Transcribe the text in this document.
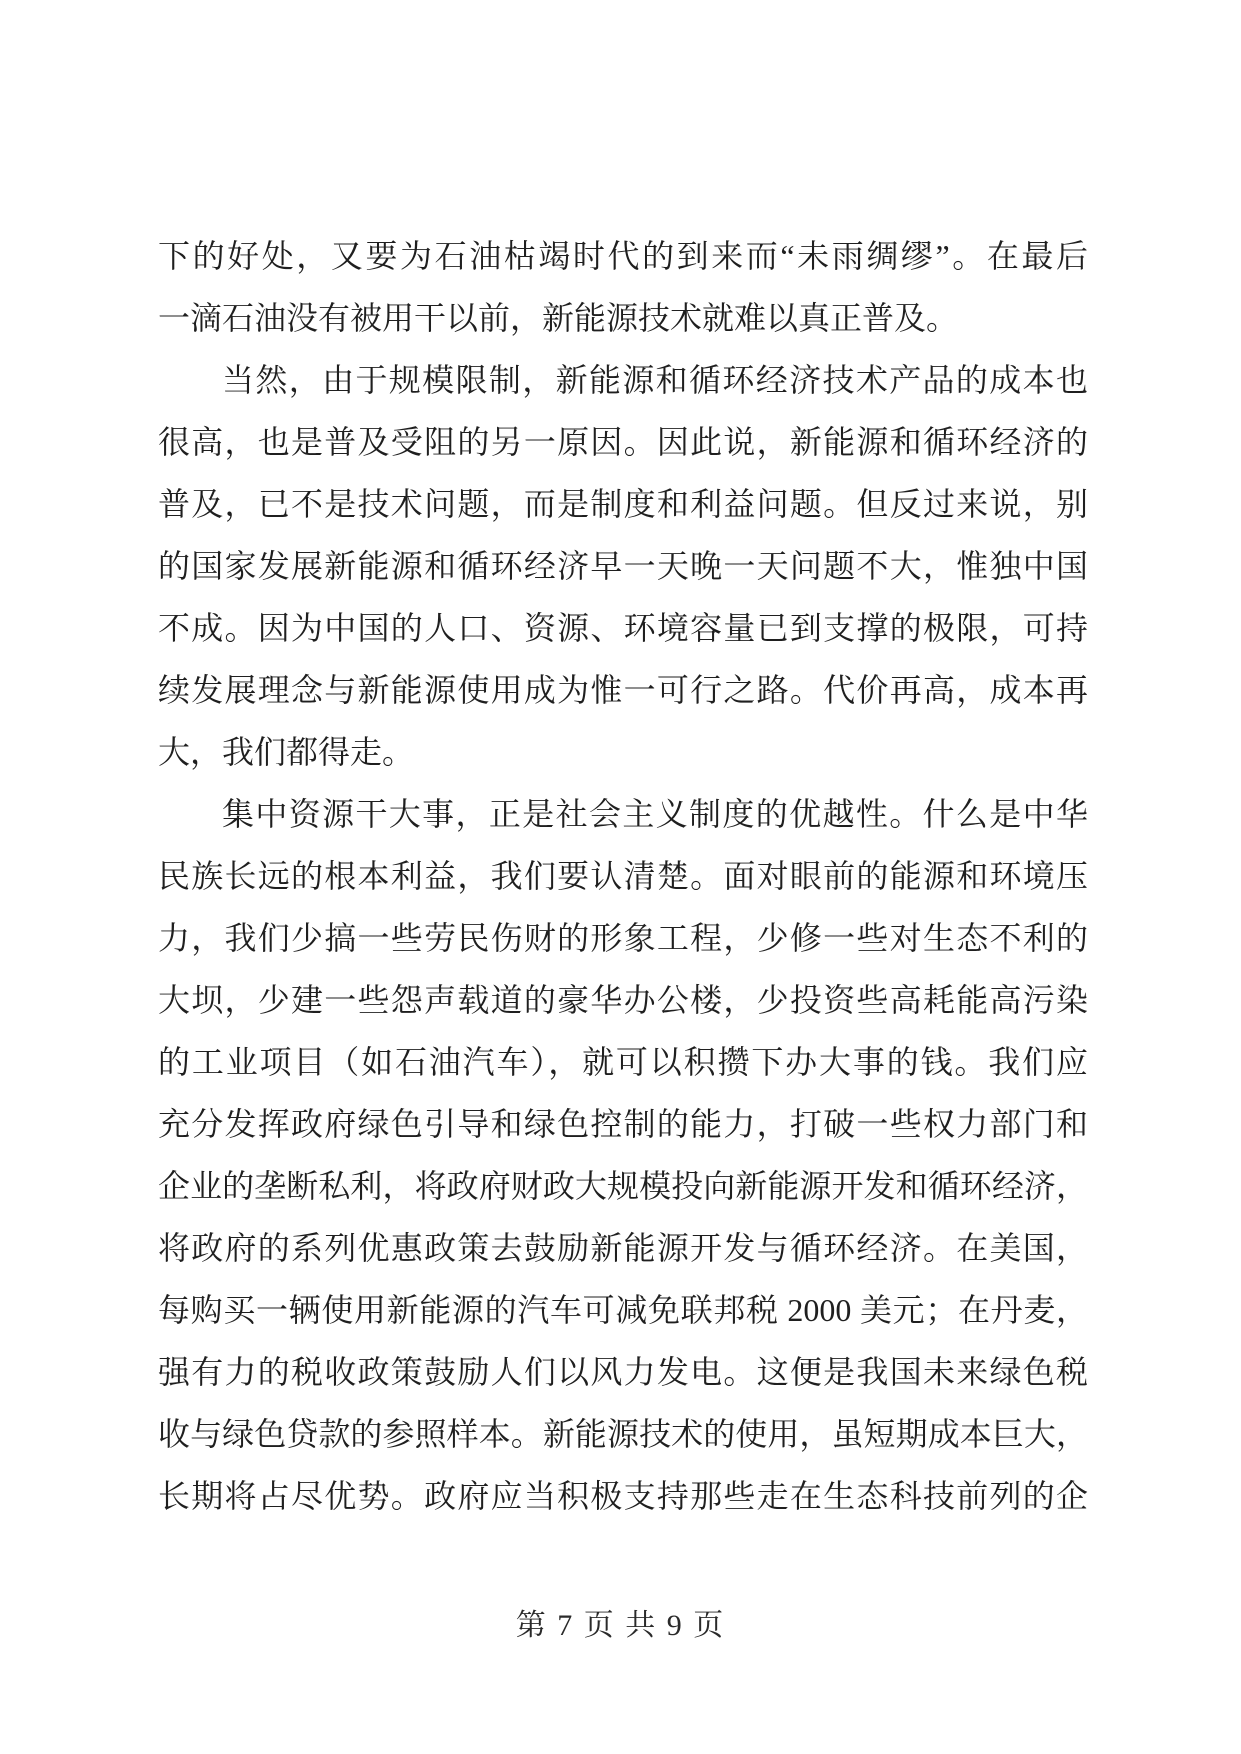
下的好处，又要为石油枯竭时代的到来而“未雨绸缪”。在最后
一滴石油没有被用干以前，新能源技术就难以真正普及。
当然，由于规模限制，新能源和循环经济技术产品的成本也
很高，也是普及受阻的另一原因。因此说，新能源和循环经济的
普及，已不是技术问题，而是制度和利益问题。但反过来说，别
的国家发展新能源和循环经济早一天晚一天问题不大，惟独中国
不成。因为中国的人口、资源、环境容量已到支撑的极限，可持
续发展理念与新能源使用成为惟一可行之路。代价再高，成本再
大，我们都得走。
集中资源干大事，正是社会主义制度的优越性。什么是中华
民族长远的根本利益，我们要认清楚。面对眼前的能源和环境压
力，我们少搞一些劳民伤财的形象工程，少修一些对生态不利的
大坝，少建一些怨声载道的豪华办公楼，少投资些高耗能高污染
的工业项目（如石油汽车），就可以积攒下办大事的钱。我们应
充分发挥政府绿色引导和绿色控制的能力，打破一些权力部门和
企业的垄断私利，将政府财政大规模投向新能源开发和循环经济，
将政府的系列优惠政策去鼓励新能源开发与循环经济。在美国，
每购买一辆使用新能源的汽车可减免联邦税 2000 美元；在丹麦，
强有力的税收政策鼓励人们以风力发电。这便是我国未来绿色税
收与绿色贷款的参照样本。新能源技术的使用，虽短期成本巨大，
长期将占尽优势。政府应当积极支持那些走在生态科技前列的企
第 7 页 共 9 页
